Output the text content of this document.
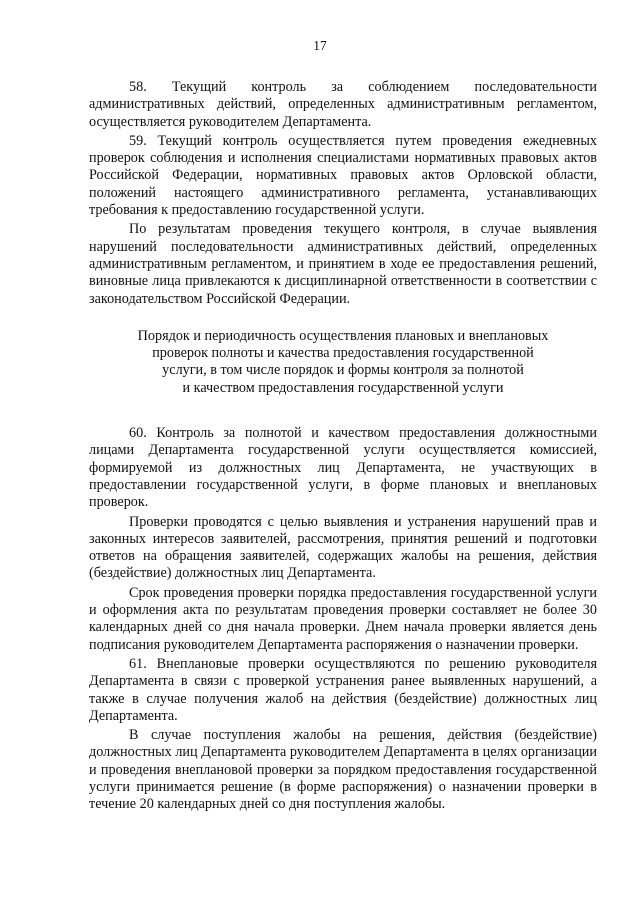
17

58. Текущий контроль за соблюдением последовательности административных действий, определенных административным регламентом, осуществляется руководителем Департамента.

59. Текущий контроль осуществляется путем проведения ежедневных проверок соблюдения и исполнения специалистами нормативных правовых актов Российской Федерации, нормативных правовых актов Орловской области, положений настоящего административного регламента, устанавливающих требования к предоставлению государственной услуги.

По результатам проведения текущего контроля, в случае выявления нарушений последовательности административных действий, определенных административным регламентом, и принятием в ходе ее предоставления решений, виновные лица привлекаются к дисциплинарной ответственности в соответствии с законодательством Российской Федерации.

Порядок и периодичность осуществления плановых и внеплановых
проверок полноты и качества предоставления государственной
услуги, в том числе порядок и формы контроля за полнотой
и качеством предоставления государственной услуги

60. Контроль за полнотой и качеством предоставления должностными лицами Департамента государственной услуги осуществляется комиссией, формируемой из должностных лиц Департамента, не участвующих в предоставлении государственной услуги, в форме плановых и внеплановых проверок.

Проверки проводятся с целью выявления и устранения нарушений прав и законных интересов заявителей, рассмотрения, принятия решений и подготовки ответов на обращения заявителей, содержащих жалобы на решения, действия (бездействие) должностных лиц Департамента.

Срок проведения проверки порядка предоставления государственной услуги и оформления акта по результатам проведения проверки составляет не более 30 календарных дней со дня начала проверки. Днем начала проверки является день подписания руководителем Департамента распоряжения о назначении проверки.

61. Внеплановые проверки осуществляются по решению руководителя Департамента в связи с проверкой устранения ранее выявленных нарушений, а также в случае получения жалоб на действия (бездействие) должностных лиц Департамента.

В случае поступления жалобы на решения, действия (бездействие) должностных лиц Департамента руководителем Департамента в целях организации и проведения внеплановой проверки за порядком предоставления государственной услуги принимается решение (в форме распоряжения) о назначении проверки в течение 20 календарных дней со дня поступления жалобы.
